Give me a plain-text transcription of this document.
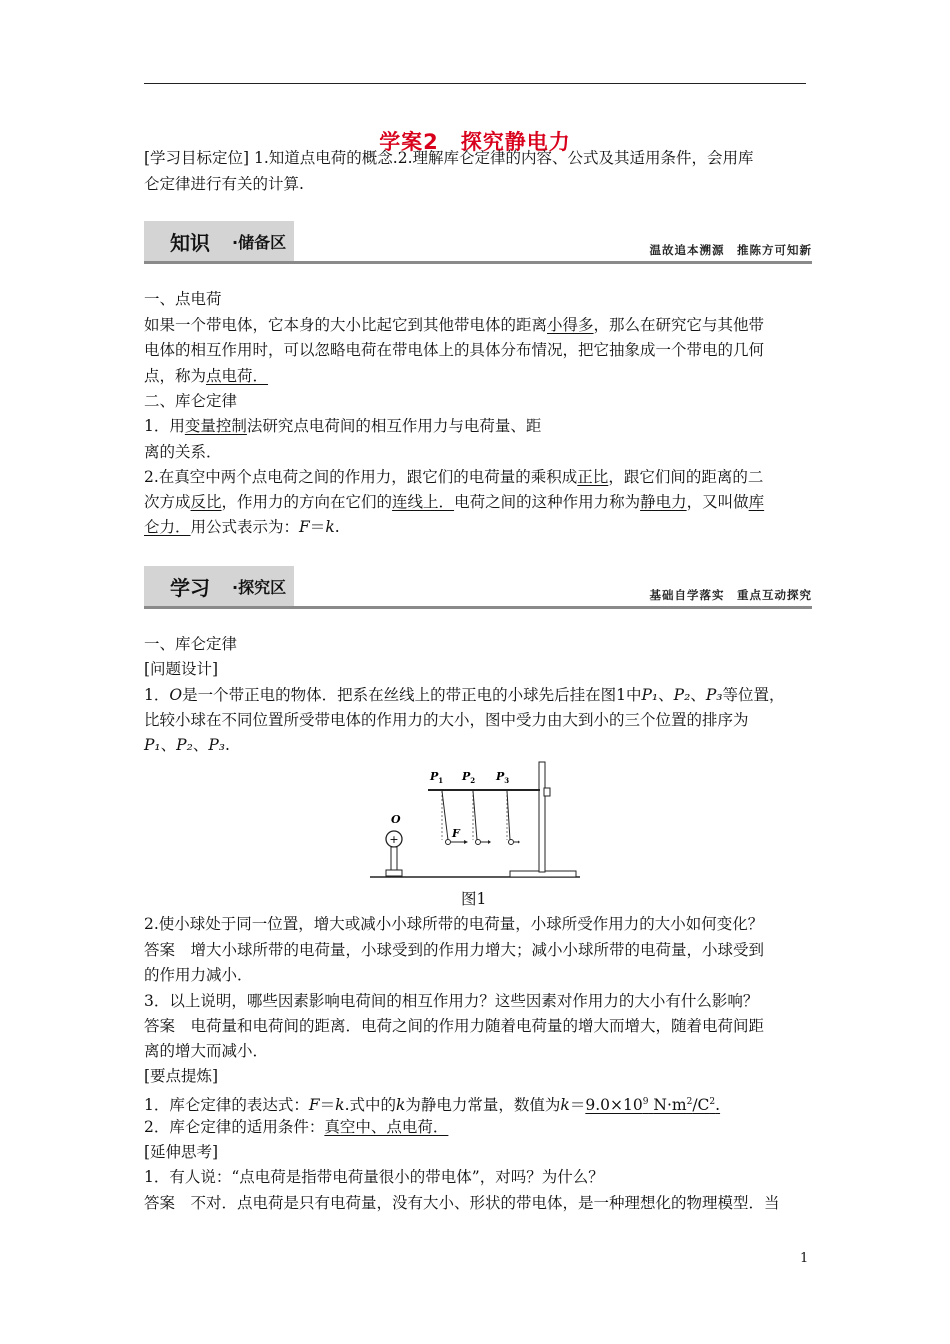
学案2　探究静电力
[学习目标定位] 1.知道点电荷的概念.2.理解库仑定律的内容、公式及其适用条件，会用库
仑定律进行有关的计算.
知识 ·储备区	温故追本溯源　推陈方可知新
一、点电荷
如果一个带电体，它本身的大小比起它到其他带电体的距离小得多，那么在研究它与其他带
电体的相互作用时，可以忽略电荷在带电体上的具体分布情况，把它抽象成一个带电的几何
点，称为点电荷．
二、库仑定律
1．用变量控制法研究点电荷间的相互作用力与电荷量、距
离的关系．
2.在真空中两个点电荷之间的作用力，跟它们的电荷量的乘积成正比，跟它们间的距离的二
次方成反比，作用力的方向在它们的连线上．电荷之间的这种作用力称为静电力，又叫做库
仑力．用公式表示为：F＝k.
学习 ·探究区	基础自学落实　重点互动探究
一、库仑定律
[问题设计]
1．O是一个带正电的物体．把系在丝线上的带正电的小球先后挂在图1中P₁、P₂、P₃等位置，
比较小球在不同位置所受带电体的作用力的大小，图中受力由大到小的三个位置的排序为
P₁、P₂、P₃.
F
$P_1$ $P_2$ $P_3$
O
+
图1
2.使小球处于同一位置，增大或减小小球所带的电荷量，小球所受作用力的大小如何变化？
答案　增大小球所带的电荷量，小球受到的作用力增大；减小小球所带的电荷量，小球受到
的作用力减小．
3．以上说明，哪些因素影响电荷间的相互作用力？这些因素对作用力的大小有什么影响？
答案　电荷量和电荷间的距离．电荷之间的作用力随着电荷量的增大而增大，随着电荷间距
离的增大而减小．
[要点提炼]
1．库仑定律的表达式：F＝k.式中的k为静电力常量，数值为$k=9.0\times 10^9$ $N\cdot m^2/C^2$.
2．库仑定律的适用条件：真空中、点电荷．
[延伸思考]
1．有人说：“点电荷是指带电荷量很小的带电体”，对吗？为什么？
答案　不对．点电荷是只有电荷量，没有大小、形状的带电体，是一种理想化的物理模型．当
1
